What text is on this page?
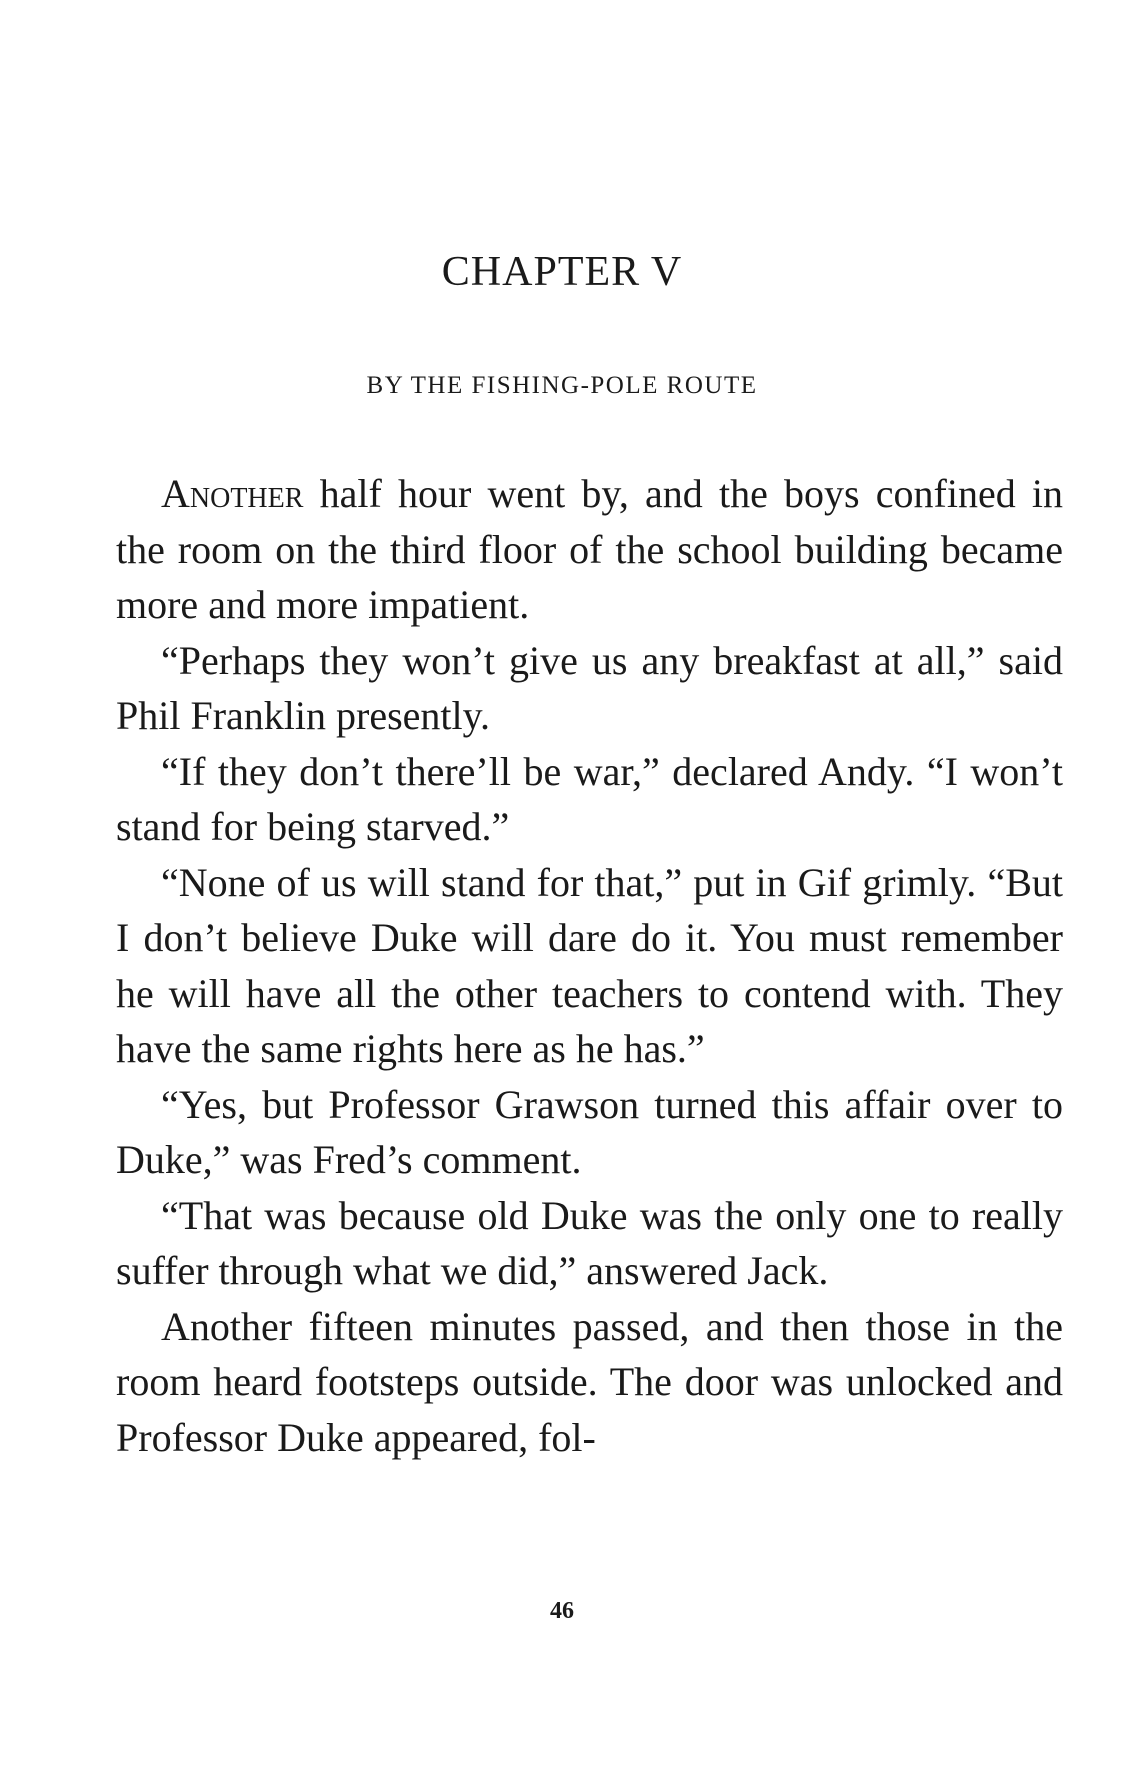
CHAPTER V
BY THE FISHING-POLE ROUTE

Another half hour went by, and the boys confined in the room on the third floor of the school building became more and more impatient.

“Perhaps they won’t give us any breakfast at all,” said Phil Franklin presently.

“If they don’t there’ll be war,” declared Andy. “I won’t stand for being starved.”

“None of us will stand for that,” put in Gif grimly. “But I don’t believe Duke will dare do it. You must remember he will have all the other teachers to contend with. They have the same rights here as he has.”

“Yes, but Professor Grawson turned this affair over to Duke,” was Fred’s comment.

“That was because old Duke was the only one to really suffer through what we did,” answered Jack.

Another fifteen minutes passed, and then those in the room heard footsteps outside. The door was unlocked and Professor Duke appeared, fol-

46
